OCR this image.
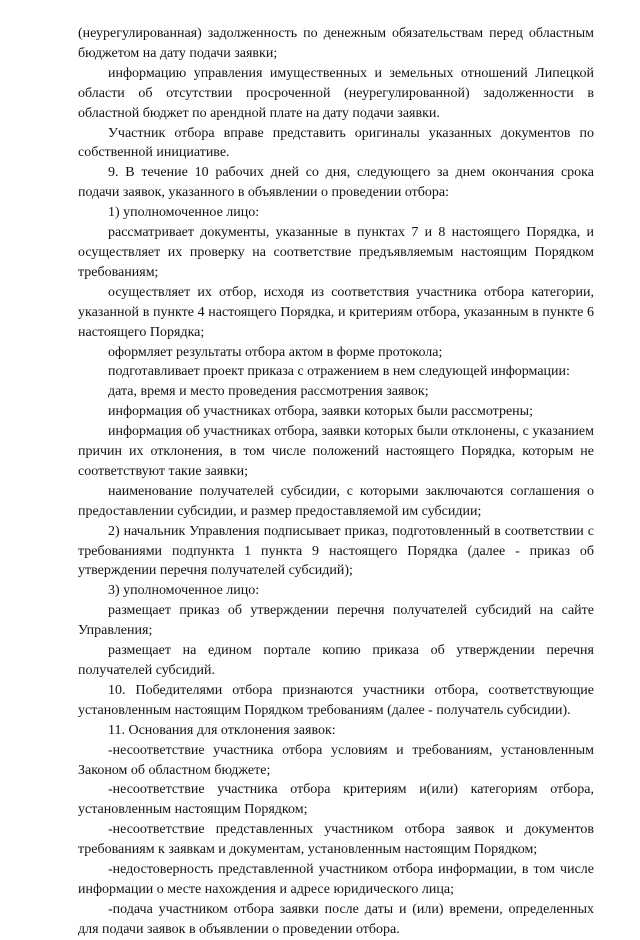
(неурегулированная) задолженность по денежным обязательствам перед областным бюджетом на дату подачи заявки;

информацию управления имущественных и земельных отношений Липецкой области об отсутствии просроченной (неурегулированной) задолженности в областной бюджет по арендной плате на дату подачи заявки.

Участник отбора вправе представить оригиналы указанных документов по собственной инициативе.

9. В течение 10 рабочих дней со дня, следующего за днем окончания срока подачи заявок, указанного в объявлении о проведении отбора:

1) уполномоченное лицо:

рассматривает документы, указанные в пунктах 7 и 8 настоящего Порядка, и осуществляет их проверку на соответствие предъявляемым настоящим Порядком требованиям;

осуществляет их отбор, исходя из соответствия участника отбора категории, указанной в пункте 4 настоящего Порядка, и критериям отбора, указанным в пункте 6 настоящего Порядка;

оформляет результаты отбора актом в форме протокола;

подготавливает проект приказа с отражением в нем следующей информации:

дата, время и место проведения рассмотрения заявок;

информация об участниках отбора, заявки которых были рассмотрены;

информация об участниках отбора, заявки которых были отклонены, с указанием причин их отклонения, в том числе положений настоящего Порядка, которым не соответствуют такие заявки;

наименование получателей субсидии, с которыми заключаются соглашения о предоставлении субсидии, и размер предоставляемой им субсидии;

2) начальник Управления подписывает приказ, подготовленный в соответствии с требованиями подпункта 1 пункта 9 настоящего Порядка (далее - приказ об утверждении перечня получателей субсидий);

3) уполномоченное лицо:

размещает приказ об утверждении перечня получателей субсидий на сайте Управления;

размещает на едином портале копию приказа об утверждении перечня получателей субсидий.

10. Победителями отбора признаются участники отбора, соответствующие установленным настоящим Порядком требованиям (далее - получатель субсидии).

11. Основания для отклонения заявок:

-несоответствие участника отбора условиям и требованиям, установленным Законом об областном бюджете;

-несоответствие участника отбора критериям и(или) категориям отбора, установленным настоящим Порядком;

-несоответствие представленных участником отбора заявок и документов требованиям к заявкам и документам, установленным настоящим Порядком;

-недостоверность представленной участником отбора информации, в том числе информации о месте нахождения и адресе юридического лица;

-подача участником отбора заявки после даты и (или) времени, определенных для подачи заявок в объявлении о проведении отбора.
